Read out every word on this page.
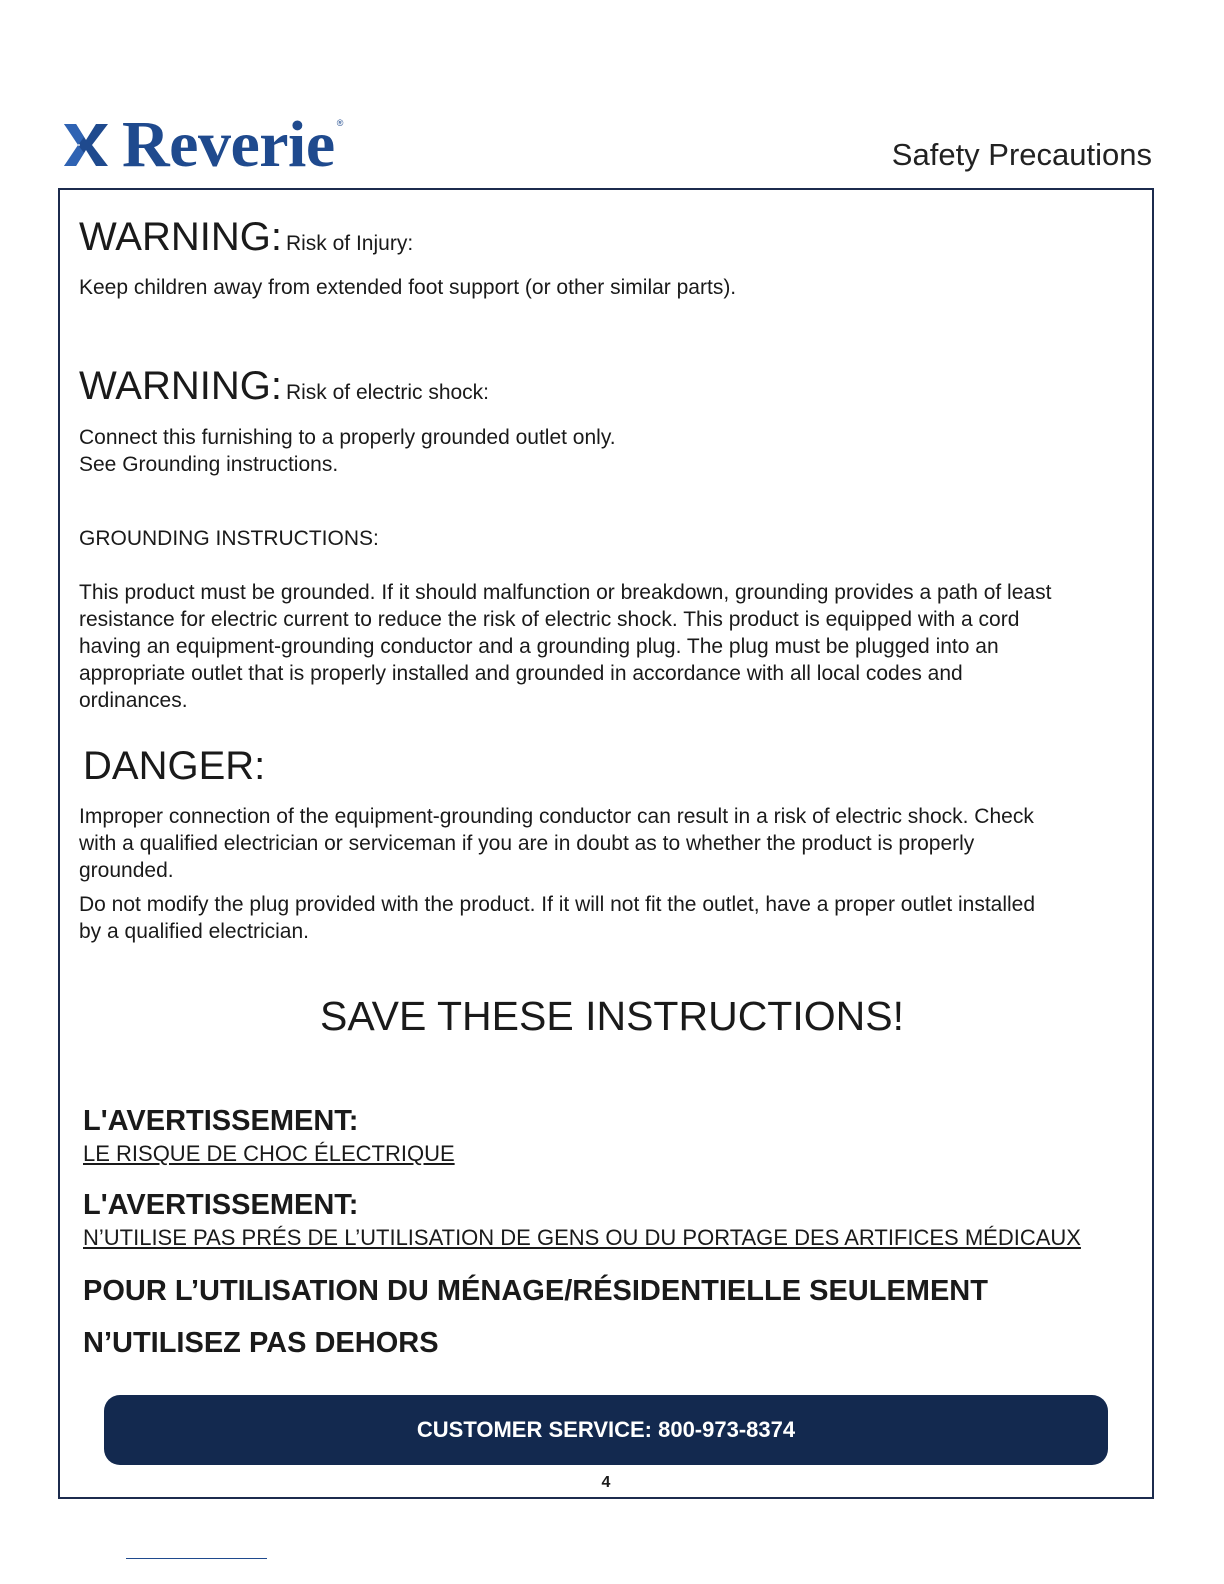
Reverie ®
Safety Precautions
WARNING: Risk of Injury:
Keep children away from extended foot support (or other similar parts).
WARNING: Risk of electric shock:
Connect this furnishing to a properly grounded outlet only.
See Grounding instructions.
GROUNDING INSTRUCTIONS:
This product must be grounded. If it should malfunction or breakdown, grounding provides a path of least
resistance for electric current to reduce the risk of electric shock. This product is equipped with a cord
having an equipment-grounding conductor and a grounding plug. The plug must be plugged into an
appropriate outlet that is properly installed and grounded in accordance with all local codes and
ordinances.
DANGER:
Improper connection of the equipment-grounding conductor can result in a risk of electric shock. Check
with a qualified electrician or serviceman if you are in doubt as to whether the product is properly
grounded.
Do not modify the plug provided with the product. If it will not fit the outlet, have a proper outlet installed
by a qualified electrician.
SAVE THESE INSTRUCTIONS!
L'AVERTISSEMENT:
LE RISQUE DE CHOC ÉLECTRIQUE
L'AVERTISSEMENT:
N’UTILISE PAS PRÉS DE L’UTILISATION DE GENS OU DU PORTAGE DES ARTIFICES MÉDICAUX
POUR L’UTILISATION DU MÉNAGE/RÉSIDENTIELLE SEULEMENT
N’UTILISEZ PAS DEHORS
CUSTOMER SERVICE: 800-973-8374
4
